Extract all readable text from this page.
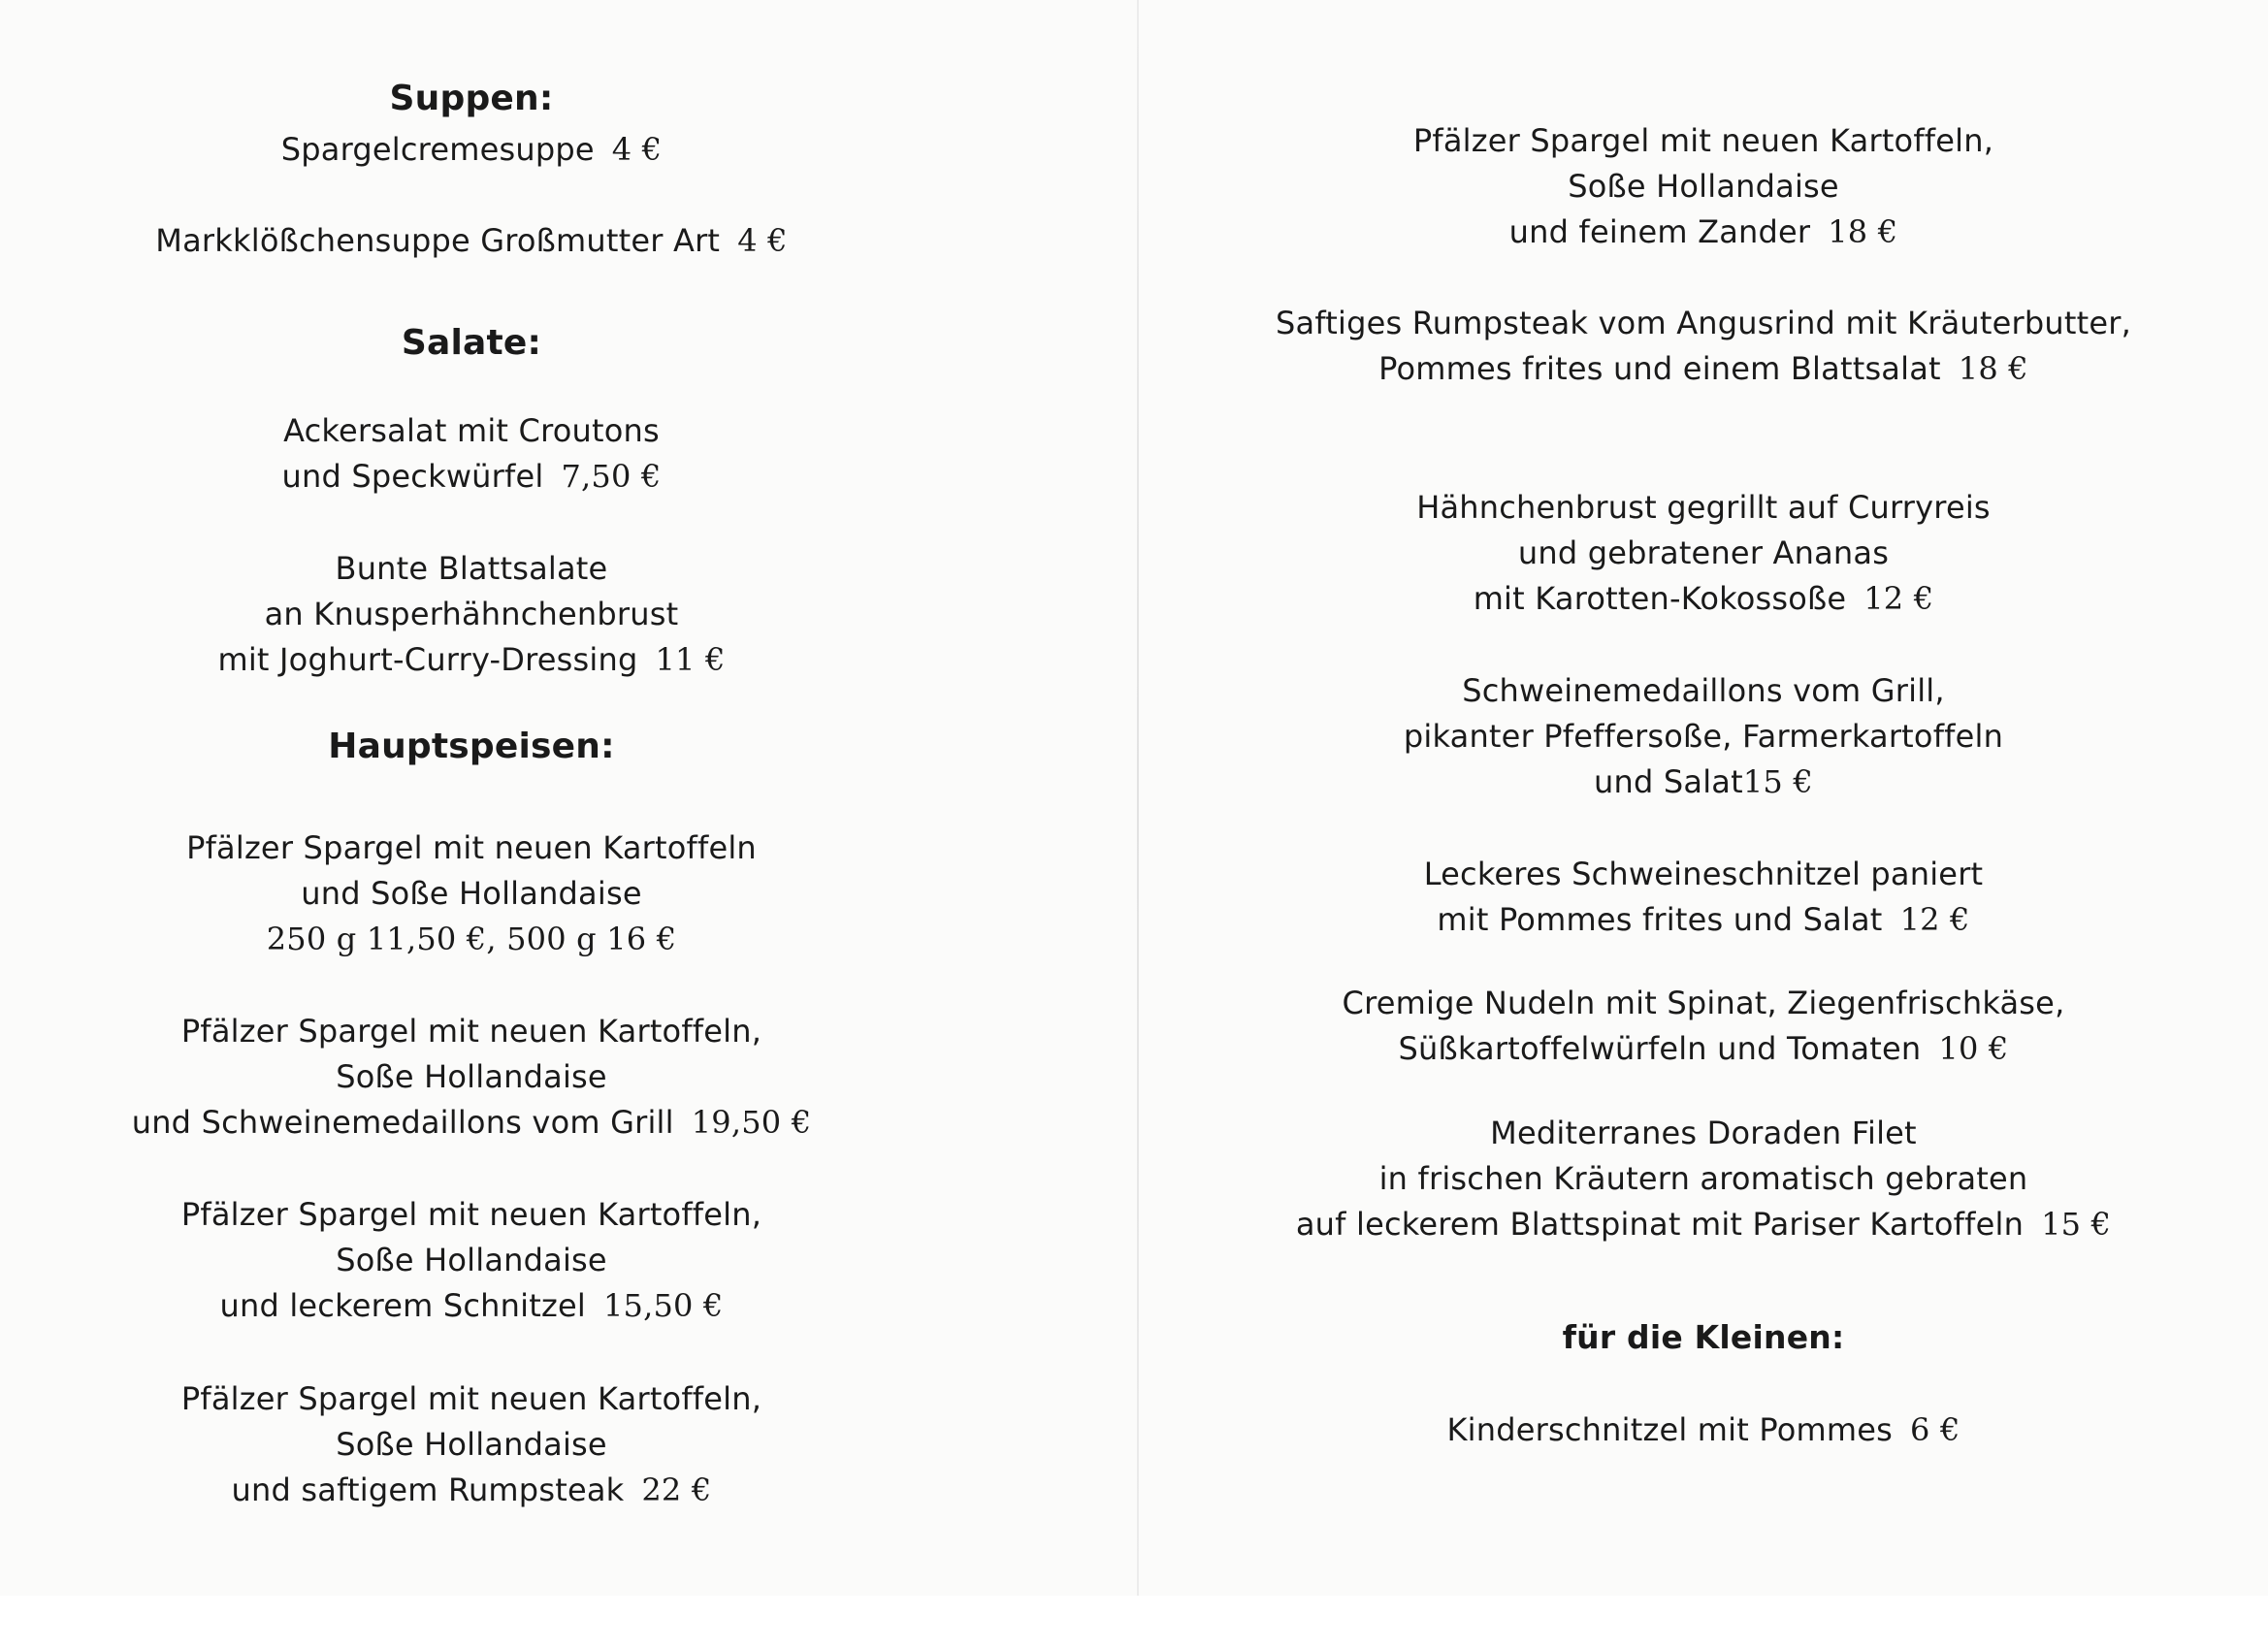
Suppen:
Spargelcremesuppe 4 €
Markklößchensuppe Großmutter Art 4 €
Salate:
Ackersalat mit Croutons
und Speckwürfel 7,50 €
Bunte Blattsalate
an Knusperhähnchenbrust
mit Joghurt-Curry-Dressing 11 €
Hauptspeisen:
Pfälzer Spargel mit neuen Kartoffeln
und Soße Hollandaise
250 g 11,50 €, 500 g 16 €
Pfälzer Spargel mit neuen Kartoffeln,
Soße Hollandaise
und Schweinemedaillons vom Grill 19,50 €
Pfälzer Spargel mit neuen Kartoffeln,
Soße Hollandaise
und leckerem Schnitzel 15,50 €
Pfälzer Spargel mit neuen Kartoffeln,
Soße Hollandaise
und saftigem Rumpsteak 22 €
Pfälzer Spargel mit neuen Kartoffeln,
Soße Hollandaise
und feinem Zander 18 €
Saftiges Rumpsteak vom Angusrind mit Kräuterbutter,
Pommes frites und einem Blattsalat 18 €
Hähnchenbrust gegrillt auf Curryreis
und gebratener Ananas
mit Karotten-Kokossoße 12 €
Schweinemedaillons vom Grill,
pikanter Pfeffersoße, Farmerkartoffeln
und Salat15 €
Leckeres Schweineschnitzel paniert
mit Pommes frites und Salat 12 €
Cremige Nudeln mit Spinat, Ziegenfrischkäse,
Süßkartoffelwürfeln und Tomaten 10 €
Mediterranes Doraden Filet
in frischen Kräutern aromatisch gebraten
auf leckerem Blattspinat mit Pariser Kartoffeln 15 €
für die Kleinen:
Kinderschnitzel mit Pommes 6 €
